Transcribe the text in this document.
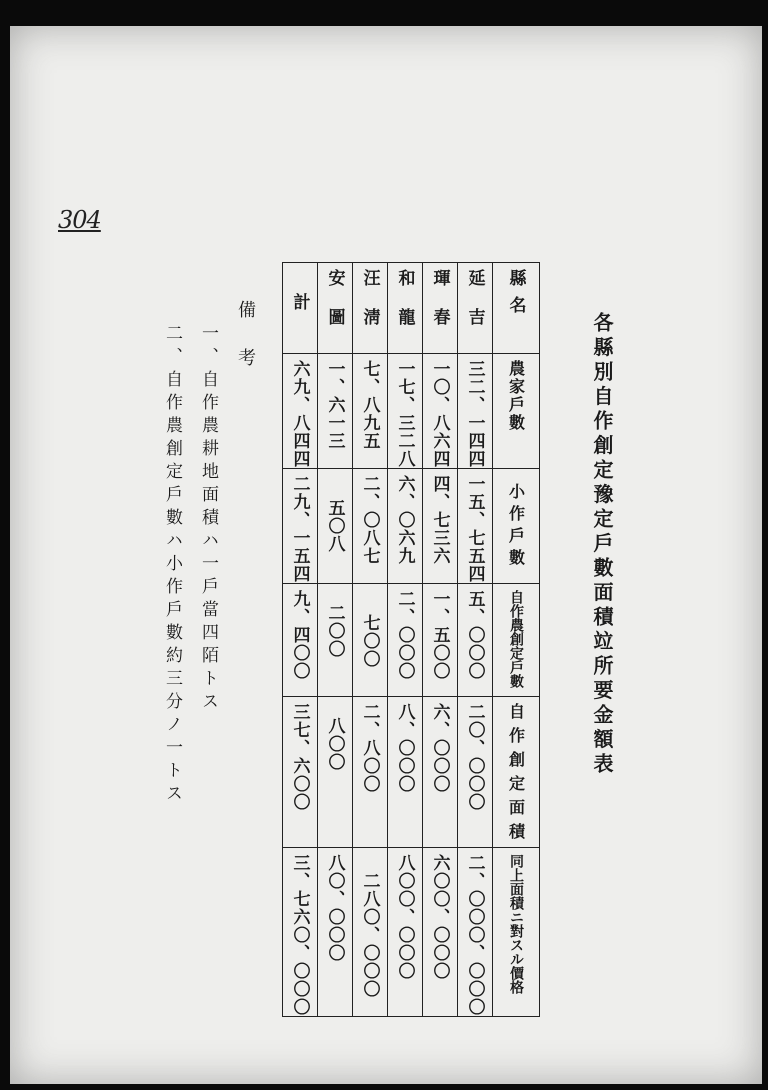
304
各縣別自作創定豫定戶數面積竝所要金額表
縣名	延吉	琿春	和龍	汪淸	安圖	計

農家戶數	三二、一四四	一〇、八六四	一七、三二八	七、八九五	一、六一三	六九、八四四

小作戶數	一五、七五四	四、七三六	六、〇六九	二、〇八七	五〇八	二九、一五四

自作農創定戶數	五、〇〇〇	一、五〇〇	二、〇〇〇	七〇〇	二〇〇	九、四〇〇

自作創定面積	二〇、〇〇〇	六、〇〇〇	八、〇〇〇	二、八〇〇	八〇〇	三七、六〇〇

同上面積ニ對スル價格	二、〇〇〇、〇〇〇	六〇〇、〇〇〇	八〇〇、〇〇〇	二八〇、〇〇〇	八〇、〇〇〇	三、七六〇、〇〇〇
備考
一、自作農耕地面積ハ一戶當四陌トス
二、自作農創定戶數ハ小作戶數約三分ノ一トス
